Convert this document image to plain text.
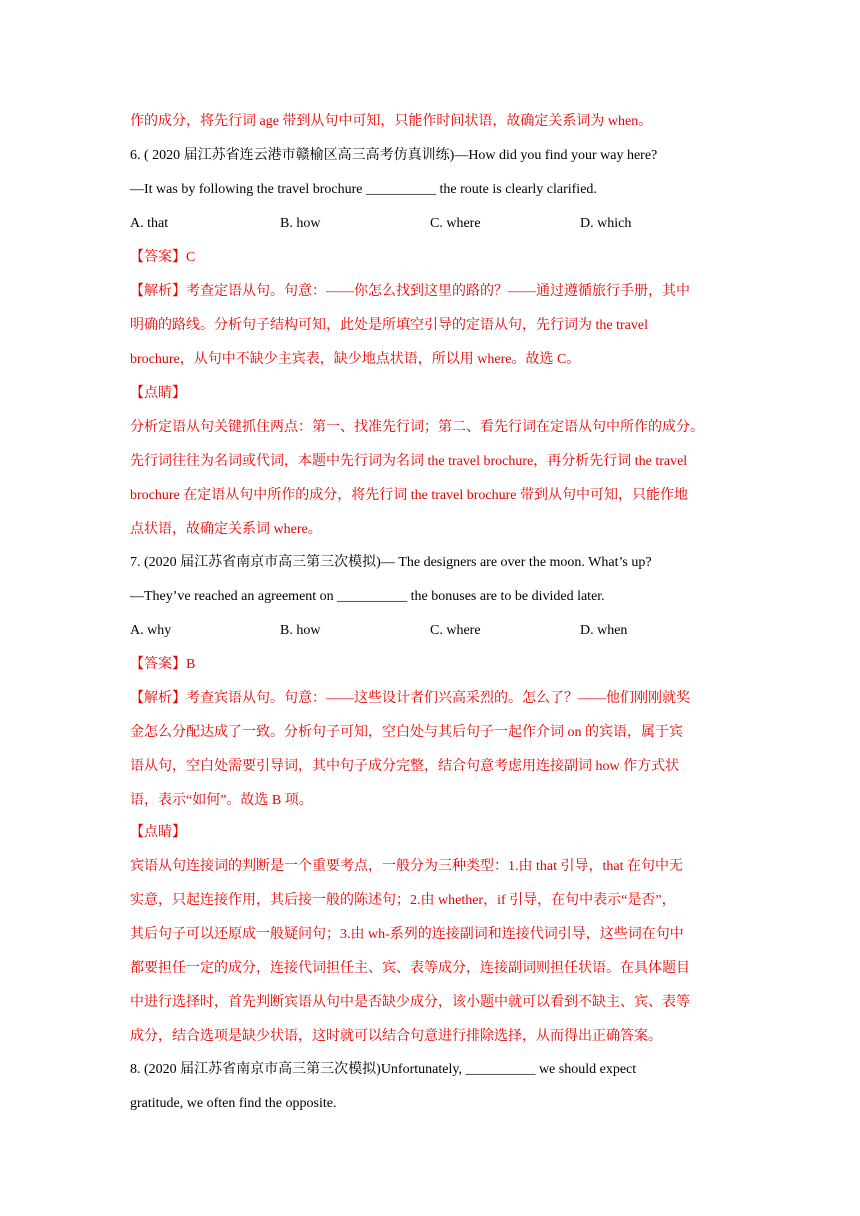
作的成分，将先行词 age 带到从句中可知，只能作时间状语，故确定关系词为 when。
6. ( 2020 届江苏省连云港市赣榆区高三高考仿真训练)—How did you find your way here?
—It was by following the travel brochure __________ the route is clearly clarified.
A. that	B. how	C. where	D. which
【答案】C
【解析】考查定语从句。句意：——你怎么找到这里的路的？——通过遵循旅行手册，其中
明确的路线。分析句子结构可知，此处是所填空引导的定语从句，先行词为 the travel
brochure，从句中不缺少主宾表，缺少地点状语，所以用 where。故选 C。
【点睛】
分析定语从句关键抓住两点：第一、找准先行词；第二、看先行词在定语从句中所作的成分。
先行词往往为名词或代词，本题中先行词为名词 the travel brochure，再分析先行词 the travel
brochure 在定语从句中所作的成分，将先行词 the travel brochure 带到从句中可知，只能作地
点状语，故确定关系词 where。
7. (2020 届江苏省南京市高三第三次模拟)— The designers are over the moon. What’s up?
—They’ve reached an agreement on __________ the bonuses are to be divided later.
A. why	B. how	C. where	D. when
【答案】B
【解析】考查宾语从句。句意：——这些设计者们兴高采烈的。怎么了？——他们刚刚就奖
金怎么分配达成了一致。分析句子可知，空白处与其后句子一起作介词 on 的宾语，属于宾
语从句，空白处需要引导词，其中句子成分完整，结合句意考虑用连接副词 how 作方式状
语，表示“如何”。故选 B 项。
【点睛】
宾语从句连接词的判断是一个重要考点，一般分为三种类型：1.由 that 引导，that 在句中无
实意，只起连接作用，其后接一般的陈述句；2.由 whether，if 引导，在句中表示“是否”，
其后句子可以还原成一般疑问句；3.由 wh-系列的连接副词和连接代词引导，这些词在句中
都要担任一定的成分，连接代词担任主、宾、表等成分，连接副词则担任状语。在具体题目
中进行选择时，首先判断宾语从句中是否缺少成分，该小题中就可以看到不缺主、宾、表等
成分，结合选项是缺少状语，这时就可以结合句意进行排除选择，从而得出正确答案。
8. (2020 届江苏省南京市高三第三次模拟)Unfortunately, __________ we should expect
gratitude, we often find the opposite.
